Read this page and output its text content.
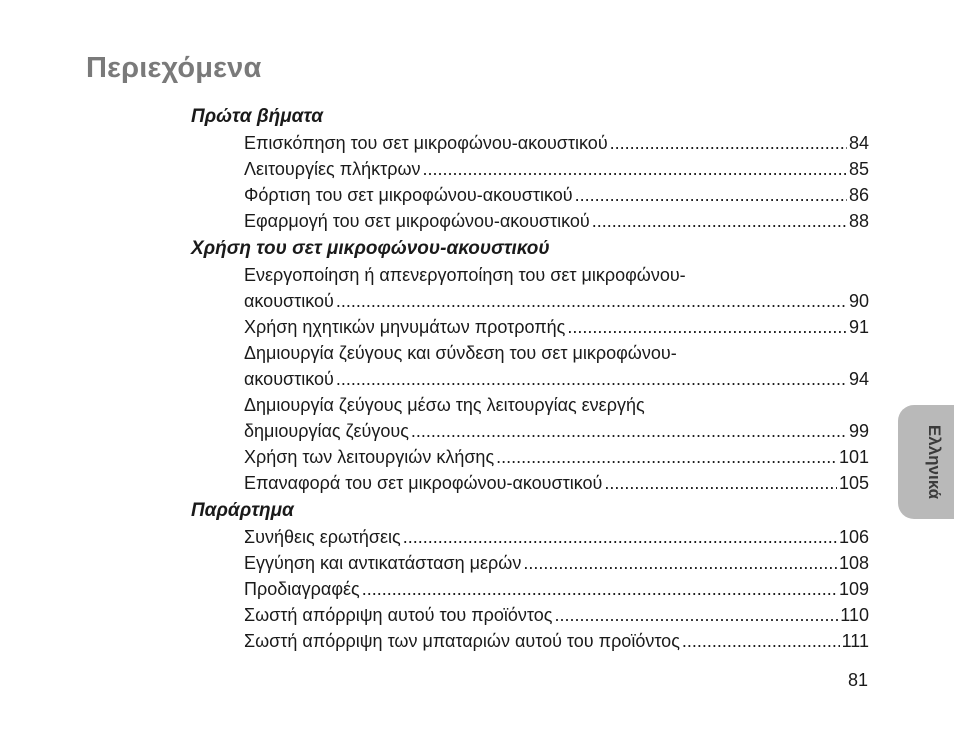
Περιεχόμενα
Πρώτα βήματα
Επισκόπηση του σετ μικροφώνου-ακουστικού .....	84
Λειτουργίες πλήκτρων .....	85
Φόρτιση του σετ μικροφώνου-ακουστικού .....	86
Εφαρμογή του σετ μικροφώνου-ακουστικού .....	88
Χρήση του σετ μικροφώνου-ακουστικού
Ενεργοποίηση ή απενεργοποίηση του σετ μικροφώνου-
ακουστικού .....	90
Χρήση ηχητικών μηνυμάτων προτροπής .....	91
Δημιουργία ζεύγους και σύνδεση του σετ μικροφώνου-
ακουστικού .....	94
Δημιουργία ζεύγους μέσω της λειτουργίας ενεργής
δημιουργίας ζεύγους .....	99
Χρήση των λειτουργιών κλήσης .....	101
Επαναφορά του σετ μικροφώνου-ακουστικού .....	105
Παράρτημα
Συνήθεις ερωτήσεις .....	106
Εγγύηση και αντικατάσταση μερών .....	108
Προδιαγραφές .....	109
Σωστή απόρριψη αυτού του προϊόντος .....	110
Σωστή απόρριψη των μπαταριών αυτού του προϊόντος .....	111
81
Ελληνικά
